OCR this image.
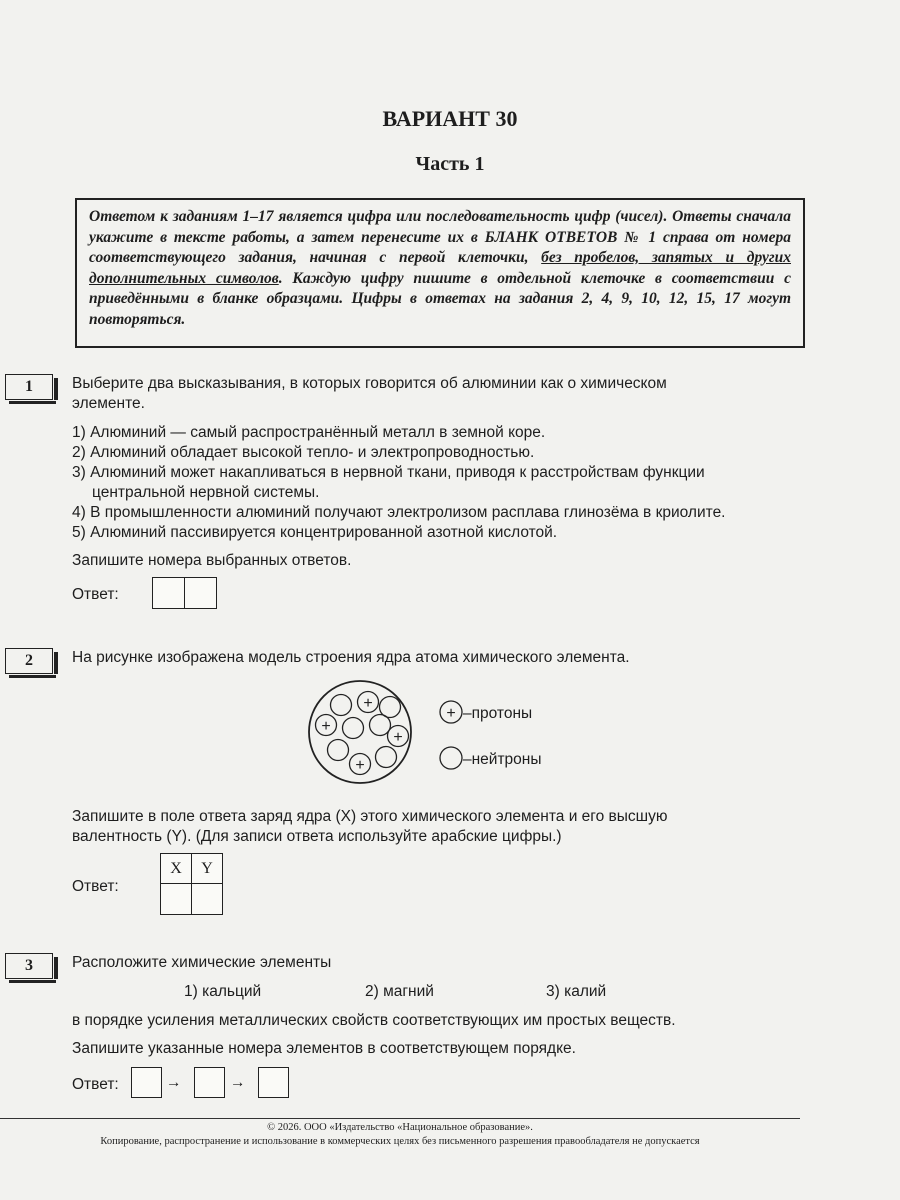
ВАРИАНТ 30
Часть 1
Ответом к заданиям 1–17 является цифра или последовательность цифр (чисел). Ответы сначала укажите в тексте работы, а затем перенесите их в БЛАНК ОТВЕТОВ № 1 справа от номера соответствующего задания, начиная с первой клеточки, без пробелов, запятых и других дополнительных символов. Каждую цифру пишите в отдельной клеточке в соответствии с приведёнными в бланке образцами. Цифры в ответах на задания 2, 4, 9, 10, 12, 15, 17 могут повторяться.
1	Выберите два высказывания, в которых говорится об алюминии как о химическом
элементе.
1) Алюминий — самый распространённый металл в земной коре.
2) Алюминий обладает высокой тепло- и электропроводностью.
3) Алюминий может накапливаться в нервной ткани, приводя к расстройствам функции
центральной нервной системы.
4) В промышленности алюминий получают электролизом расплава глинозёма в криолите.
5) Алюминий пассивируется концентрированной азотной кислотой.
Запишите номера выбранных ответов.
Ответ:
2	На рисунке изображена модель строения ядра атома химического элемента.
+
+
+
+
+ –протоны
–нейтроны
Запишите в поле ответа заряд ядра (X) этого химического элемента и его высшую
валентность (Y). (Для записи ответа используйте арабские цифры.)
Ответ:
X	Y
3	Расположите химические элементы
1) кальций	2) магний	3) калий
в порядке усиления металлических свойств соответствующих им простых веществ.
Запишите указанные номера элементов в соответствующем порядке.
Ответ:	→	→
© 2026. ООО «Издательство «Национальное образование».
Копирование, распространение и использование в коммерческих целях без письменного разрешения правообладателя не допускается
